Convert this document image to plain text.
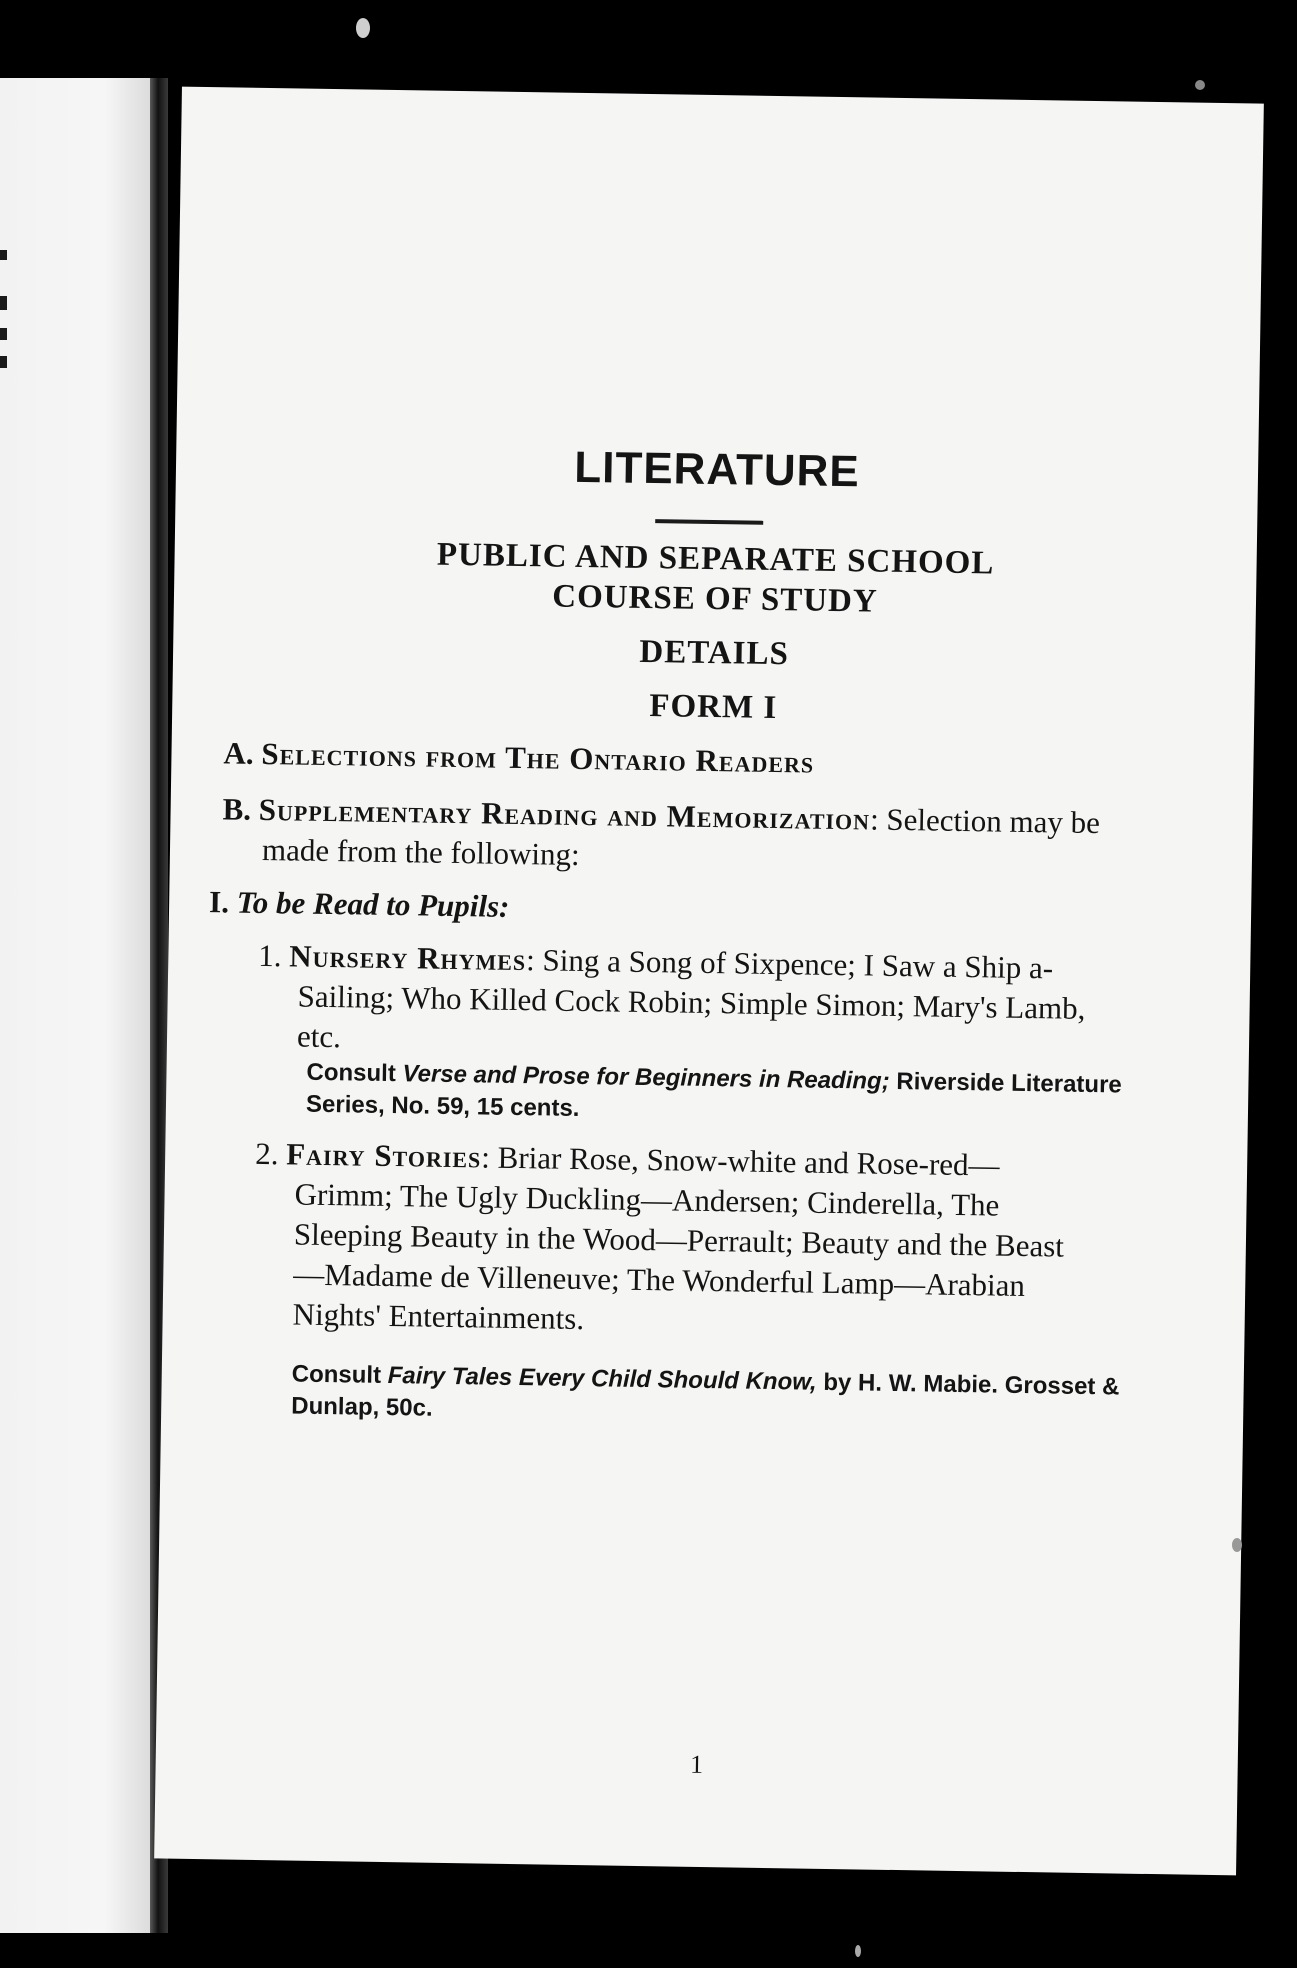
LITERATURE
PUBLIC AND SEPARATE SCHOOL
COURSE OF STUDY
DETAILS
FORM I
A. Selections from The Ontario Readers
B. Supplementary Reading and Memorization: Selection may be made from the following:
I. To be Read to Pupils:
1. Nursery Rhymes: Sing a Song of Sixpence; I Saw a Ship a-Sailing; Who Killed Cock Robin; Simple Simon; Mary's Lamb, etc.
Consult Verse and Prose for Beginners in Reading; Riverside Literature Series, No. 59, 15 cents.
2. Fairy Stories: Briar Rose, Snow-white and Rose-red—Grimm; The Ugly Duckling—Andersen; Cinderella, The Sleeping Beauty in the Wood—Perrault; Beauty and the Beast—Madame de Villeneuve; The Wonderful Lamp—Arabian Nights' Entertainments.
Consult Fairy Tales Every Child Should Know, by H. W. Mabie. Grosset & Dunlap, 50c.
1
